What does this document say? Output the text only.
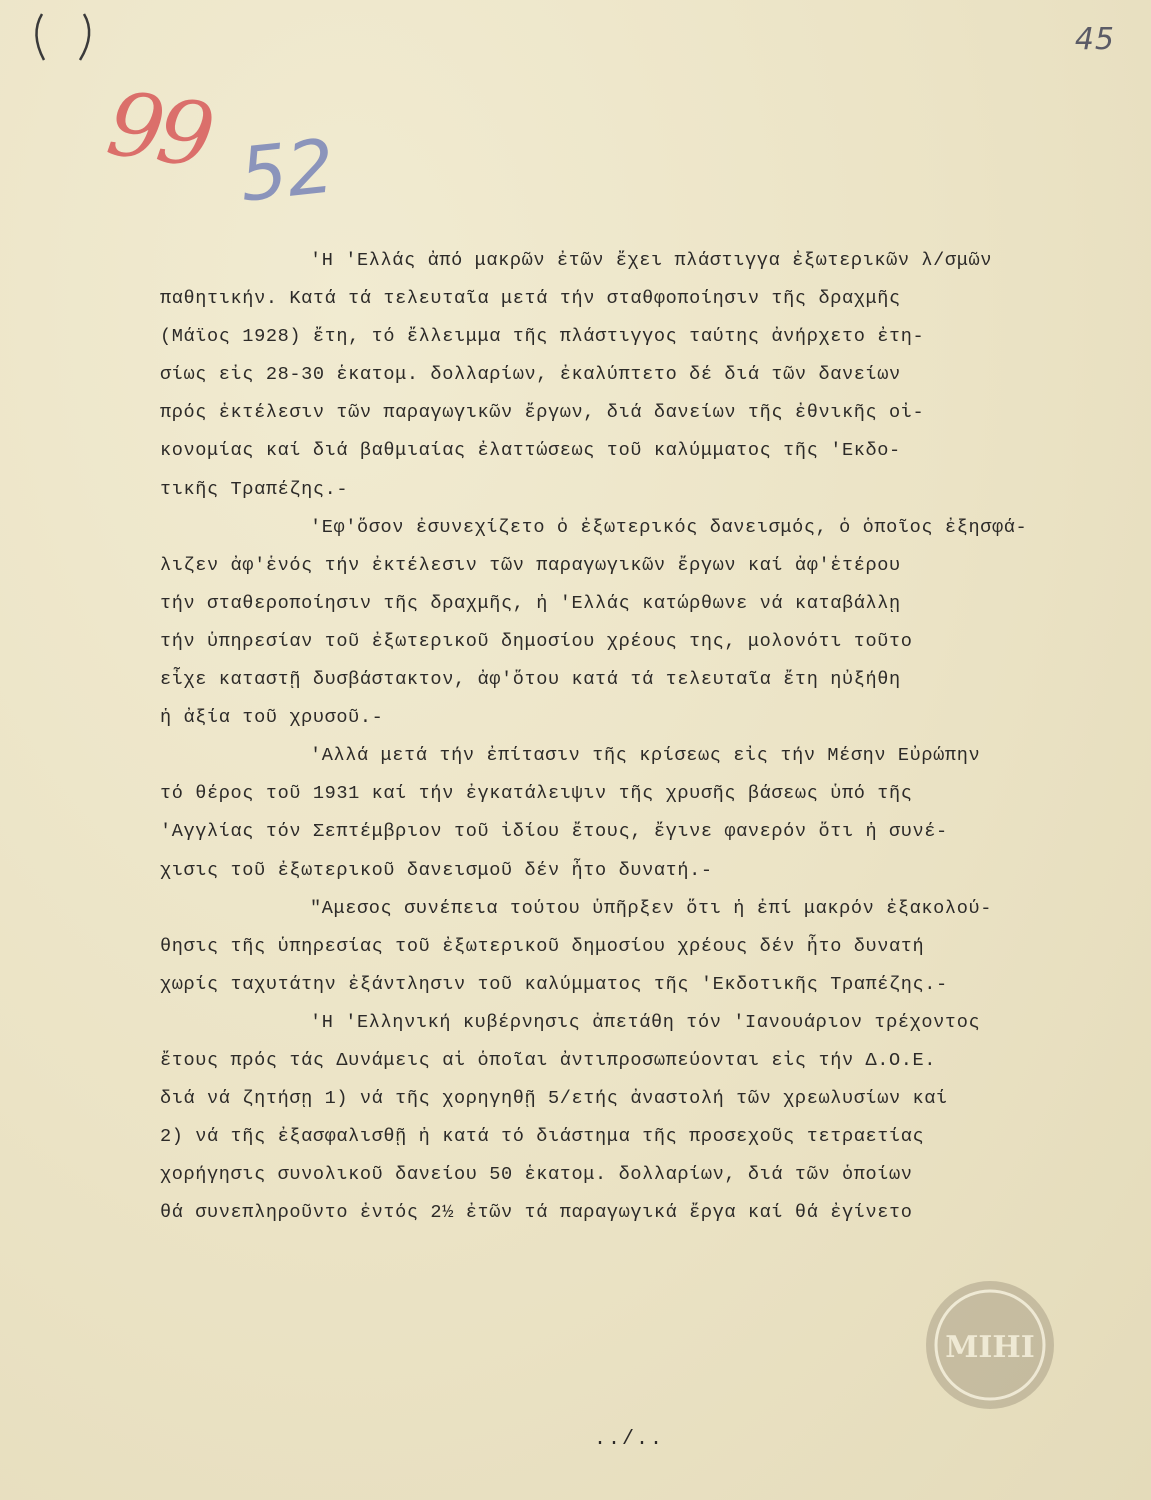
45
99 52
'Η 'Ελλάς ἀπό μακρῶν ἐτῶν ἔχει πλάστιγγα ἐξωτερικῶν λ/σμῶν
παθητικήν. Κατά τά τελευταῖα μετά τήν σταθφοποίησιν τῆς δραχμῆς
(Μάϊος 1928) ἔτη, τό ἔλλειμμα τῆς πλάστιγγος ταύτης ἀνήρχετο ἐτη-
σίως εἰς 28-30 ἑκατομ. δολλαρίων, ἐκαλύπτετο δέ διά τῶν δανείων
πρός ἐκτέλεσιν τῶν παραγωγικῶν ἔργων, διά δανείων τῆς ἐθνικῆς οἰ-
κονομίας καί διά βαθμιαίας ἐλαττώσεως τοῦ καλύμματος τῆς 'Εκδο-
τικῆς Τραπέζης.-
'Εφ'ὅσον ἐσυνεχίζετο ὁ ἐξωτερικός δανεισμός, ὁ ὁποῖος ἐξησφά-
λιζεν ἀφ'ἑνός τήν ἐκτέλεσιν τῶν παραγωγικῶν ἔργων καί ἀφ'ἑτέρου
τήν σταθεροποίησιν τῆς δραχμῆς, ἡ 'Ελλάς κατώρθωνε νά καταβάλλῃ
τήν ὑπηρεσίαν τοῦ ἐξωτερικοῦ δημοσίου χρέους της, μολονότι τοῦτο
εἶχε καταστῇ δυσβάστακτον, ἀφ'ὅτου κατά τά τελευταῖα ἔτη ηὐξήθη
ἡ ἀξία τοῦ χρυσοῦ.-
'Αλλά μετά τήν ἐπίτασιν τῆς κρίσεως εἰς τήν Μέσην Εὐρώπην
τό θέρος τοῦ 1931 καί τήν ἐγκατάλειψιν τῆς χρυσῆς βάσεως ὑπό τῆς
'Αγγλίας τόν Σεπτέμβριον τοῦ ἰδίου ἔτους, ἔγινε φανερόν ὅτι ἡ συνέ-
χισις τοῦ ἐξωτερικοῦ δανεισμοῦ δέν ἦτο δυνατή.-
"Αμεσος συνέπεια τούτου ὑπῆρξεν ὅτι ἡ ἐπί μακρόν ἐξακολού-
θησις τῆς ὑπηρεσίας τοῦ ἐξωτερικοῦ δημοσίου χρέους δέν ἦτο δυνατή
χωρίς ταχυτάτην ἐξάντλησιν τοῦ καλύμματος τῆς 'Εκδοτικῆς Τραπέζης.-
'Η 'Ελληνική κυβέρνησις ἀπετάθη τόν 'Ιανουάριον τρέχοντος
ἔτους πρός τάς Δυνάμεις αἱ ὁποῖαι ἀντιπροσωπεύονται εἰς τήν Δ.Ο.Ε.
διά νά ζητήσῃ 1) νά τῆς χορηγηθῇ 5/ετής ἀναστολή τῶν χρεωλυσίων καί
2) νά τῆς ἐξασφαλισθῇ ἡ κατά τό διάστημα τῆς προσεχοῦς τετραετίας
χορήγησις συνολικοῦ δανείου 50 ἑκατομ. δολλαρίων, διά τῶν ὁποίων
θά συνεπληροῦντο ἐντός 2½ ἐτῶν τά παραγωγικά ἔργα καί θά ἐγίνετο
ΜΙΗΙ
../..
